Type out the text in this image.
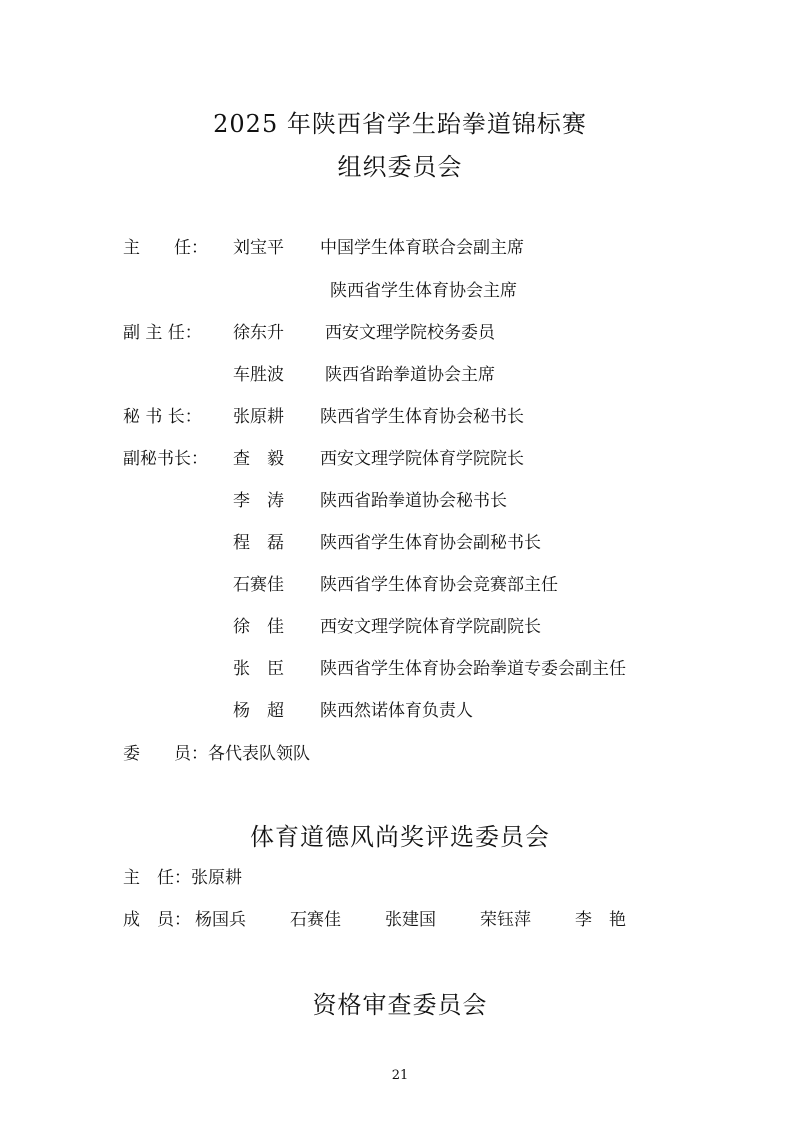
2025 年陕西省学生跆拳道锦标赛
组织委员会
主　　任： 刘宝平 中国学生体育联合会副主席
陕西省学生体育协会主席
副 主 任： 徐东升 西安文理学院校务委员
车胜波 陕西省跆拳道协会主席
秘 书 长： 张原耕 陕西省学生体育协会秘书长
副秘书长： 查　毅 西安文理学院体育学院院长
李　涛 陕西省跆拳道协会秘书长
程　磊 陕西省学生体育协会副秘书长
石赛佳 陕西省学生体育协会竞赛部主任
徐　佳 西安文理学院体育学院副院长
张　臣 陕西省学生体育协会跆拳道专委会副主任
杨　超 陕西然诺体育负责人
委　　员：各代表队领队
体育道德风尚奖评选委员会
主　任：张原耕
成　员： 杨国兵	石赛佳	张建国	荣钰萍	李　艳
资格审查委员会
21
